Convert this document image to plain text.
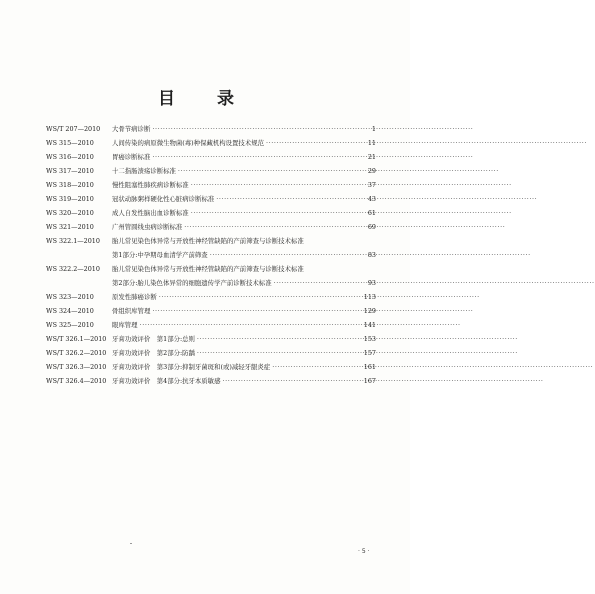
目 录
WS/T 207—2010	大骨节病诊断 ·····	1
WS 315—2010	人间传染的病原微生物菌(毒)种保藏机构设置技术规范 ·····	11
WS 316—2010	胃癌诊断标准 ·····	21
WS 317—2010	十二指肠溃疡诊断标准 ·····	29
WS 318—2010	慢性阻塞性肺疾病诊断标准 ·····	37
WS 319—2010	冠状动脉粥样硬化性心脏病诊断标准 ·····	43
WS 320—2010	成人自发性脑出血诊断标准 ·····	61
WS 321—2010	广州管圆线虫病诊断标准 ·····	69
WS 322.1—2010	胎儿常见染色体异常与开放性神经管缺陷的产前筛查与诊断技术标准
第1部分:中孕期母血清学产前筛查 ·····	83
WS 322.2—2010	胎儿常见染色体异常与开放性神经管缺陷的产前筛查与诊断技术标准
第2部分:胎儿染色体异常的细胞遗传学产前诊断技术标准 ·····	93
WS 323—2010	原发性肺癌诊断 ·····	113
WS 324—2010	骨组织库管理 ·····	129
WS 325—2010	眼库管理 ·····	141
WS/T 326.1—2010 牙膏功效评价　第1部分:总则 ·····	153
WS/T 326.2—2010 牙膏功效评价　第2部分:防龋 ·····	157
WS/T 326.3—2010 牙膏功效评价　第3部分:抑制牙菌斑和(或)减轻牙龈炎症 ·····	161
WS/T 326.4—2010 牙膏功效评价　第4部分:抗牙本质敏感 ·····	167
· 5 ·
